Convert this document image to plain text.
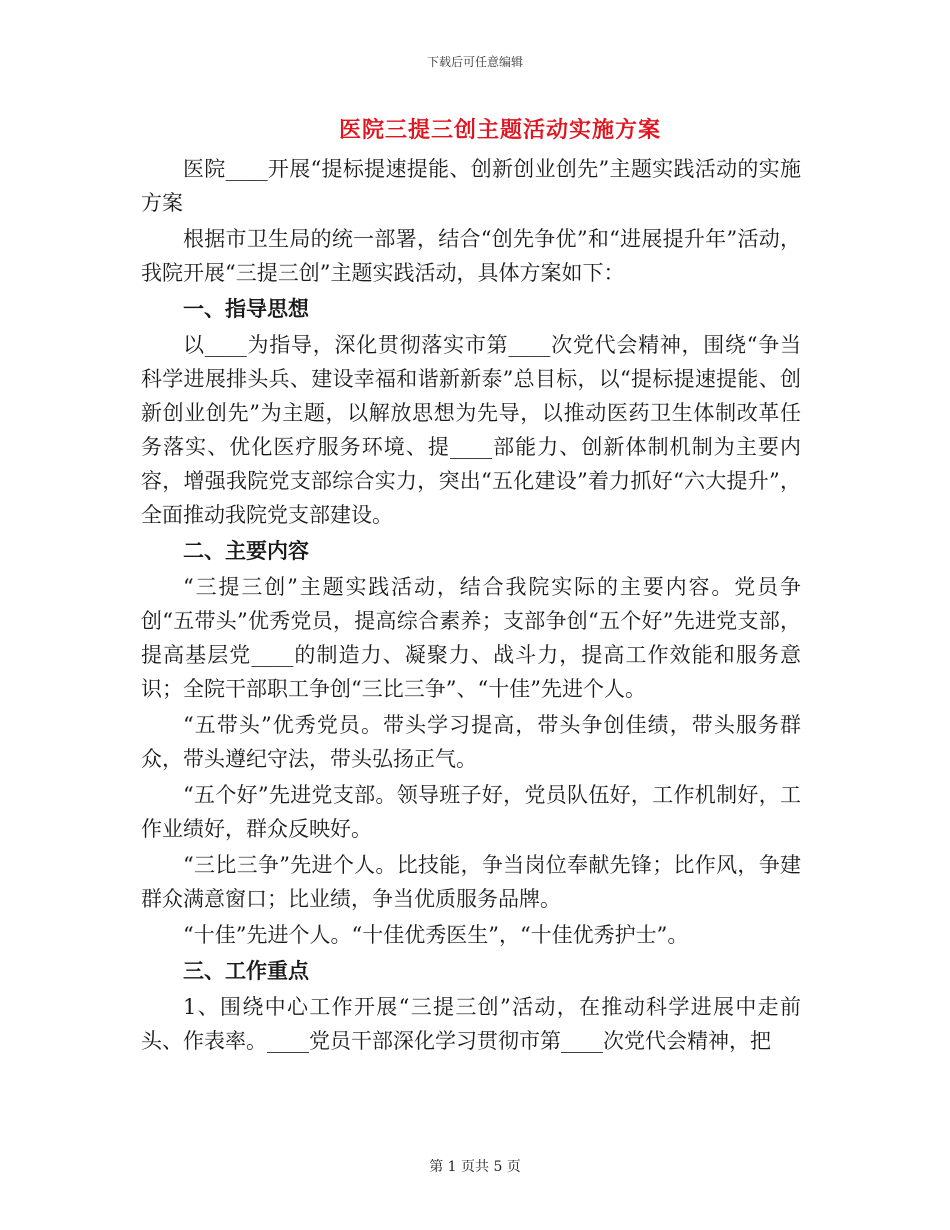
下载后可任意编辑
医院三提三创主题活动实施方案

医院____开展“提标提速提能、创新创业创先”主题实践活动的实施方案

根据市卫生局的统一部署，结合“创先争优”和“进展提升年”活动，我院开展“三提三创”主题实践活动，具体方案如下：

一、指导思想

以____为指导，深化贯彻落实市第____次党代会精神，围绕“争当科学进展排头兵、建设幸福和谐新新泰”总目标，以“提标提速提能、创新创业创先”为主题，以解放思想为先导，以推动医药卫生体制改革任务落实、优化医疗服务环境、提____部能力、创新体制机制为主要内容，增强我院党支部综合实力，突出“五化建设”着力抓好“六大提升”，全面推动我院党支部建设。

二、主要内容

“三提三创”主题实践活动，结合我院实际的主要内容。党员争创“五带头”优秀党员，提高综合素养；支部争创“五个好”先进党支部，提高基层党____的制造力、凝聚力、战斗力，提高工作效能和服务意识；全院干部职工争创“三比三争”、“十佳”先进个人。

“五带头”优秀党员。带头学习提高，带头争创佳绩，带头服务群众，带头遵纪守法，带头弘扬正气。

“五个好”先进党支部。领导班子好，党员队伍好，工作机制好，工作业绩好，群众反映好。

“三比三争”先进个人。比技能，争当岗位奉献先锋；比作风，争建群众满意窗口；比业绩，争当优质服务品牌。

“十佳”先进个人。“十佳优秀医生”，“十佳优秀护士”。

三、工作重点

1、围绕中心工作开展“三提三创”活动，在推动科学进展中走前头、作表率。____党员干部深化学习贯彻市第____次党代会精神，把

第 1 页共 5 页
